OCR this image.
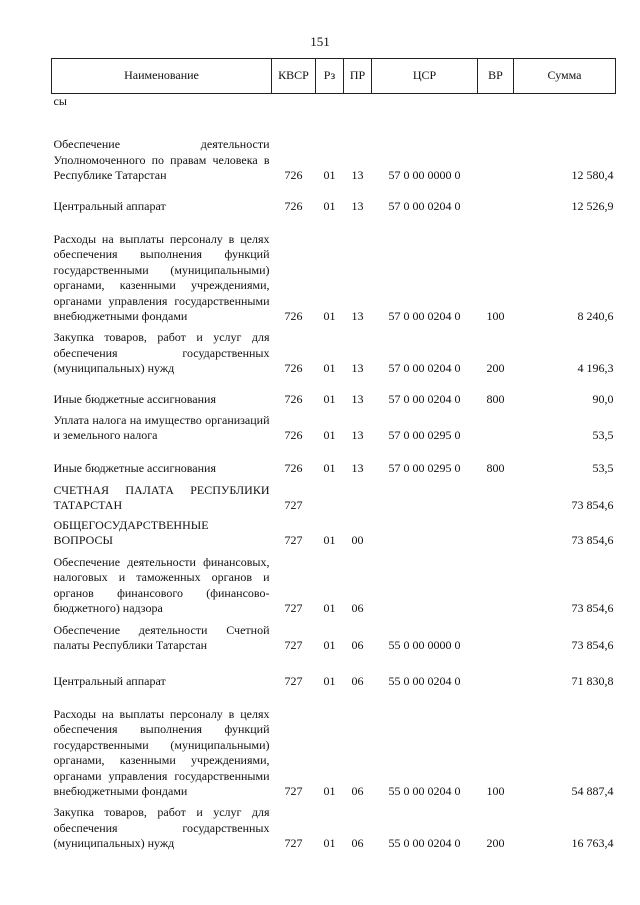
151
Наименование	КВСР	Рз	ПР	ЦСР	ВР	Сумма
сы						
Обеспечение деятельности Уполномоченного по правам человека в Республике Татарстан	726	01	13	57 0 00 0000 0		12 580,4
Центральный аппарат	726	01	13	57 0 00 0204 0		12 526,9
Расходы на выплаты персоналу в целях обеспечения выполнения функций государственными (муниципальными) органами, казенными учреждениями, органами управления государственными внебюджетными фондами	726	01	13	57 0 00 0204 0	100	8 240,6
Закупка товаров, работ и услуг для обеспечения государственных (муниципальных) нужд	726	01	13	57 0 00 0204 0	200	4 196,3
Иные бюджетные ассигнования	726	01	13	57 0 00 0204 0	800	90,0
Уплата налога на имущество организаций и земельного налога	726	01	13	57 0 00 0295 0		53,5
Иные бюджетные ассигнования	726	01	13	57 0 00 0295 0	800	53,5
СЧЕТНАЯ ПАЛАТА РЕСПУБЛИКИ ТАТАРСТАН	727					73 854,6
ОБЩЕГОСУДАРСТВЕННЫЕ ВОПРОСЫ	727	01	00			73 854,6
Обеспечение деятельности финансовых, налоговых и таможенных органов и органов финансового (финансово-бюджетного) надзора	727	01	06			73 854,6
Обеспечение деятельности Счетной палаты Республики Татарстан	727	01	06	55 0 00 0000 0		73 854,6
Центральный аппарат	727	01	06	55 0 00 0204 0		71 830,8
Расходы на выплаты персоналу в целях обеспечения выполнения функций государственными (муниципальными) органами, казенными учреждениями, органами управления государственными внебюджетными фондами	727	01	06	55 0 00 0204 0	100	54 887,4
Закупка товаров, работ и услуг для обеспечения государственных (муниципальных) нужд	727	01	06	55 0 00 0204 0	200	16 763,4
